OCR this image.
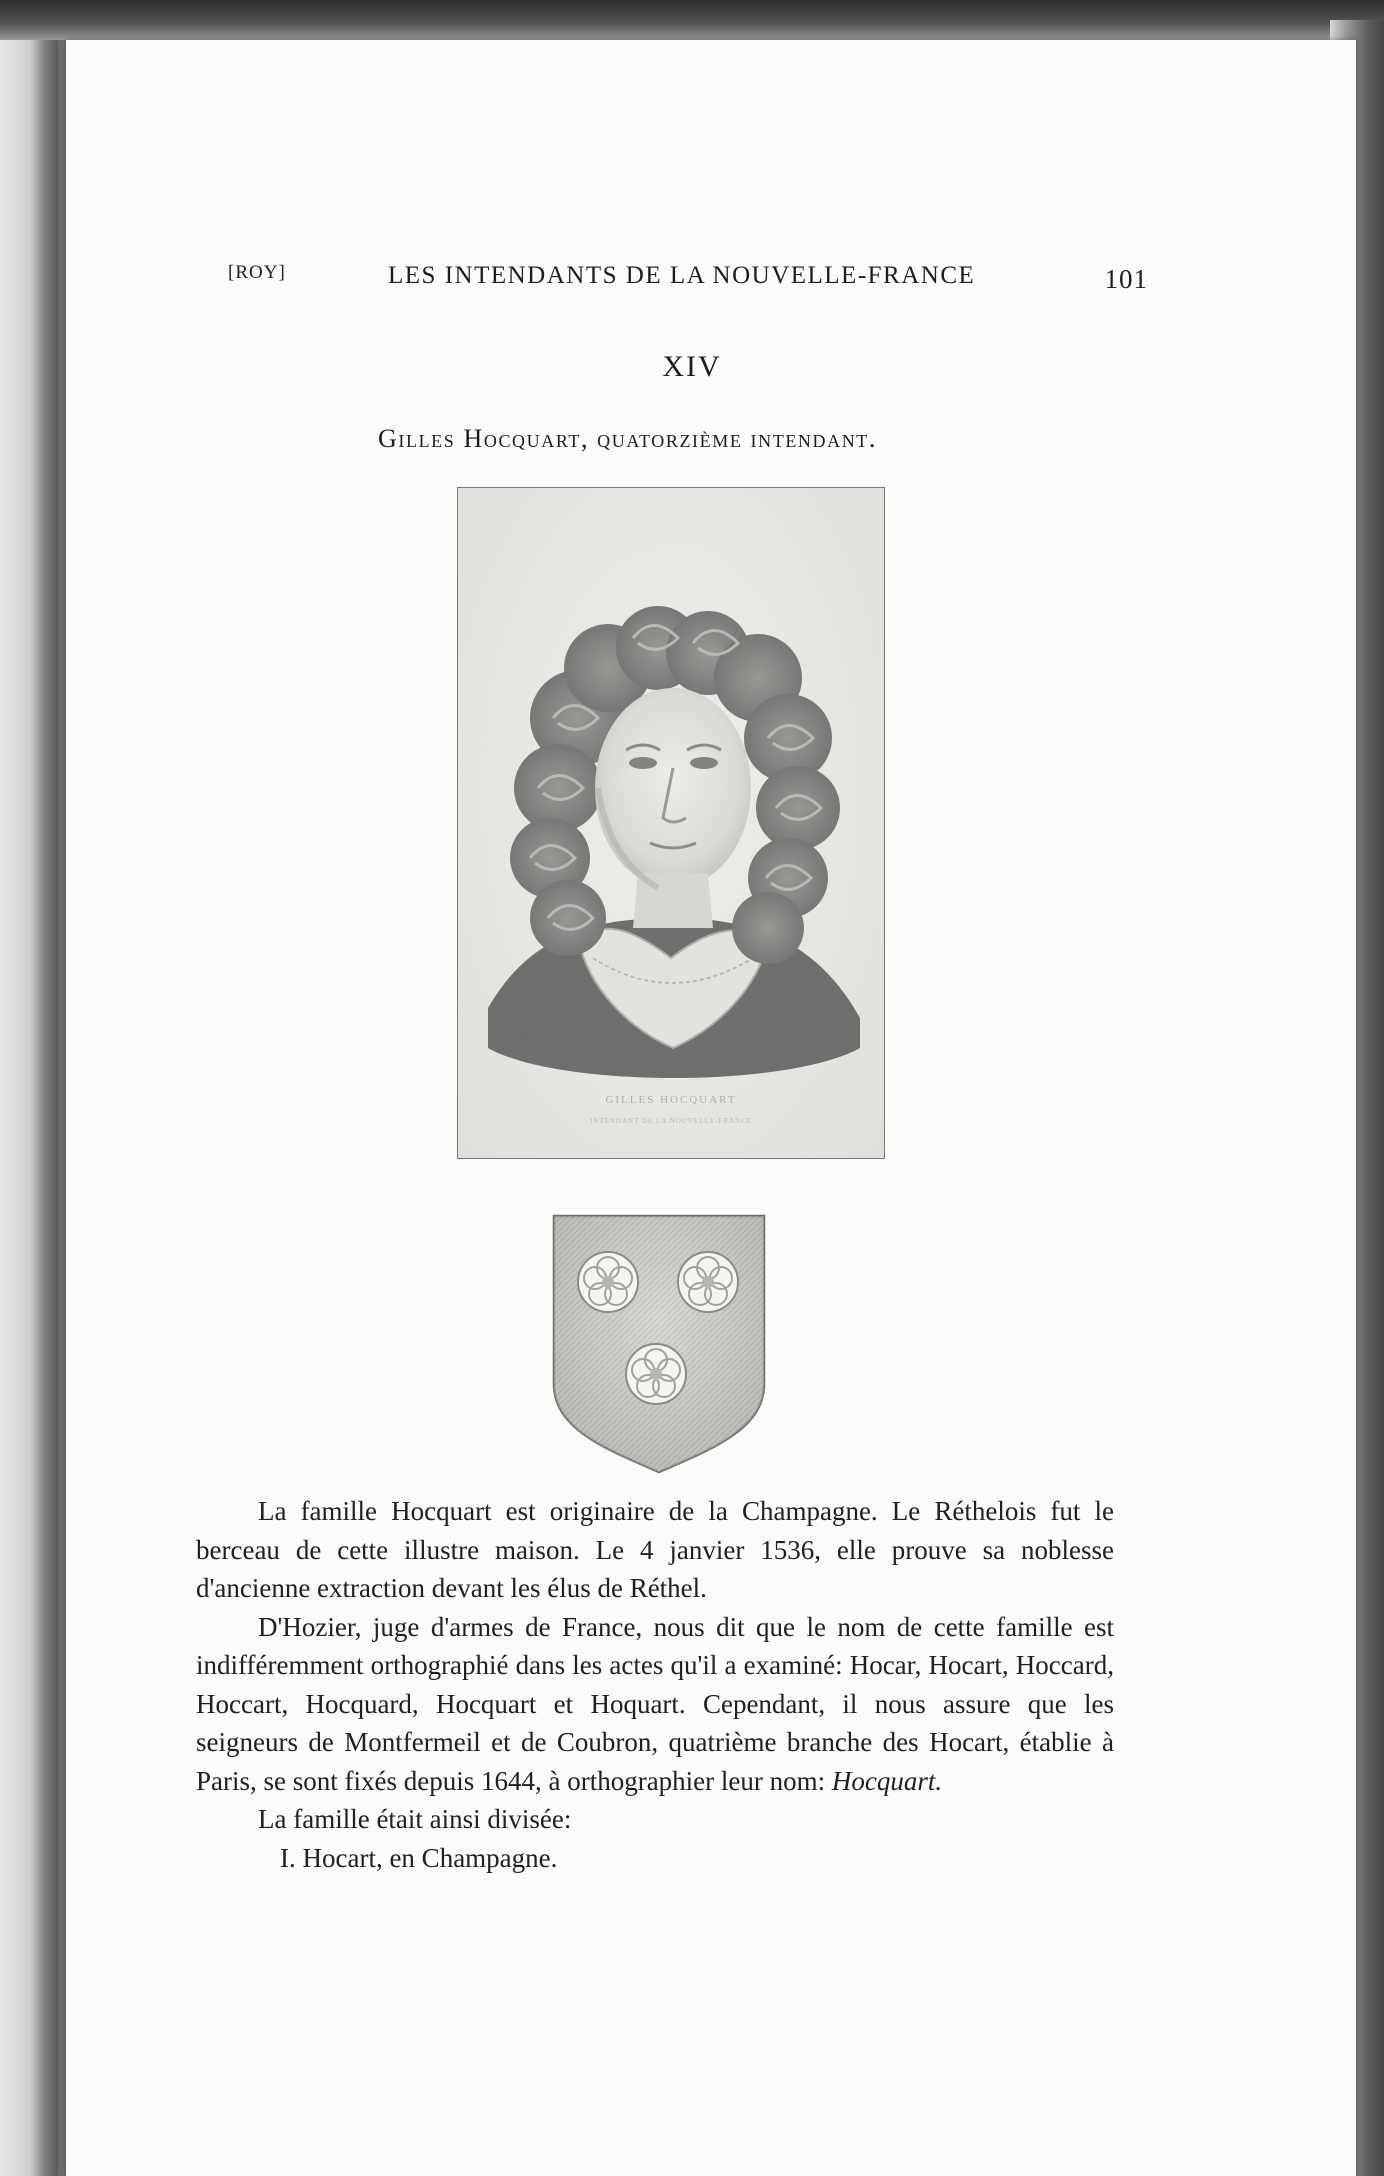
[ROY]	LES INTENDANTS DE LA NOUVELLE-FRANCE	101
XIV
Gilles Hocquart, quatorzième intendant.
GILLES HOCQUART
INTENDANT DE LA NOUVELLE-FRANCE

La famille Hocquart est originaire de la Champagne. Le Réthelois fut le berceau de cette illustre maison. Le 4 janvier 1536, elle prouve sa noblesse d'ancienne extraction devant les élus de Réthel.

D'Hozier, juge d'armes de France, nous dit que le nom de cette famille est indifféremment orthographié dans les actes qu'il a examiné: Hocar, Hocart, Hoccard, Hoccart, Hocquard, Hocquart et Hoquart. Cependant, il nous assure que les seigneurs de Montfermeil et de Coubron, quatrième branche des Hocart, établie à Paris, se sont fixés depuis 1644, à orthographier leur nom: Hocquart.

La famille était ainsi divisée:

I. Hocart, en Champagne.
